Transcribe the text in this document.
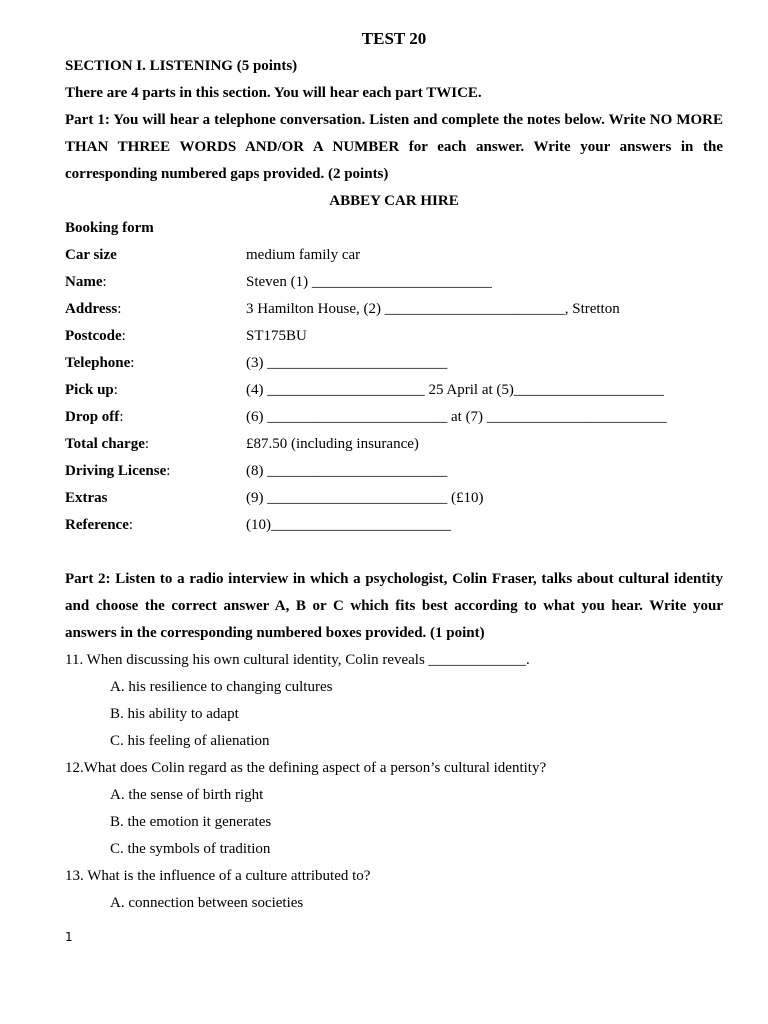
TEST 20

SECTION I. LISTENING (5 points)

There are 4 parts in this section. You will hear each part TWICE.

Part 1: You will hear a telephone conversation. Listen and complete the notes below. Write NO MORE THAN THREE WORDS AND/OR A NUMBER for each answer. Write your answers in the corresponding numbered gaps provided. (2 points)

ABBEY CAR HIRE

Booking form

Car size	medium family car
Name:	Steven (1) ________________________
Address:	3 Hamilton House, (2) ________________________, Stretton
Postcode:	ST175BU
Telephone:	(3) ________________________
Pick up:	(4) _____________________ 25 April at (5)____________________
Drop off:	(6) ________________________ at (7) ________________________
Total charge:	£87.50 (including insurance)
Driving License:	(8) ________________________
Extras	(9) ________________________ (£10)
Reference:	(10)________________________

Part 2: Listen to a radio interview in which a psychologist, Colin Fraser, talks about cultural identity and choose the correct answer A, B or C which fits best according to what you hear. Write your answers in the corresponding numbered boxes provided. (1 point)

11. When discussing his own cultural identity, Colin reveals _____________.

A. his resilience to changing cultures

B. his ability to adapt

C. his feeling of alienation

12.What does Colin regard as the defining aspect of a person’s cultural identity?

A. the sense of birth right

B. the emotion it generates

C. the symbols of tradition

13. What is the influence of a culture attributed to?

A. connection between societies

1
